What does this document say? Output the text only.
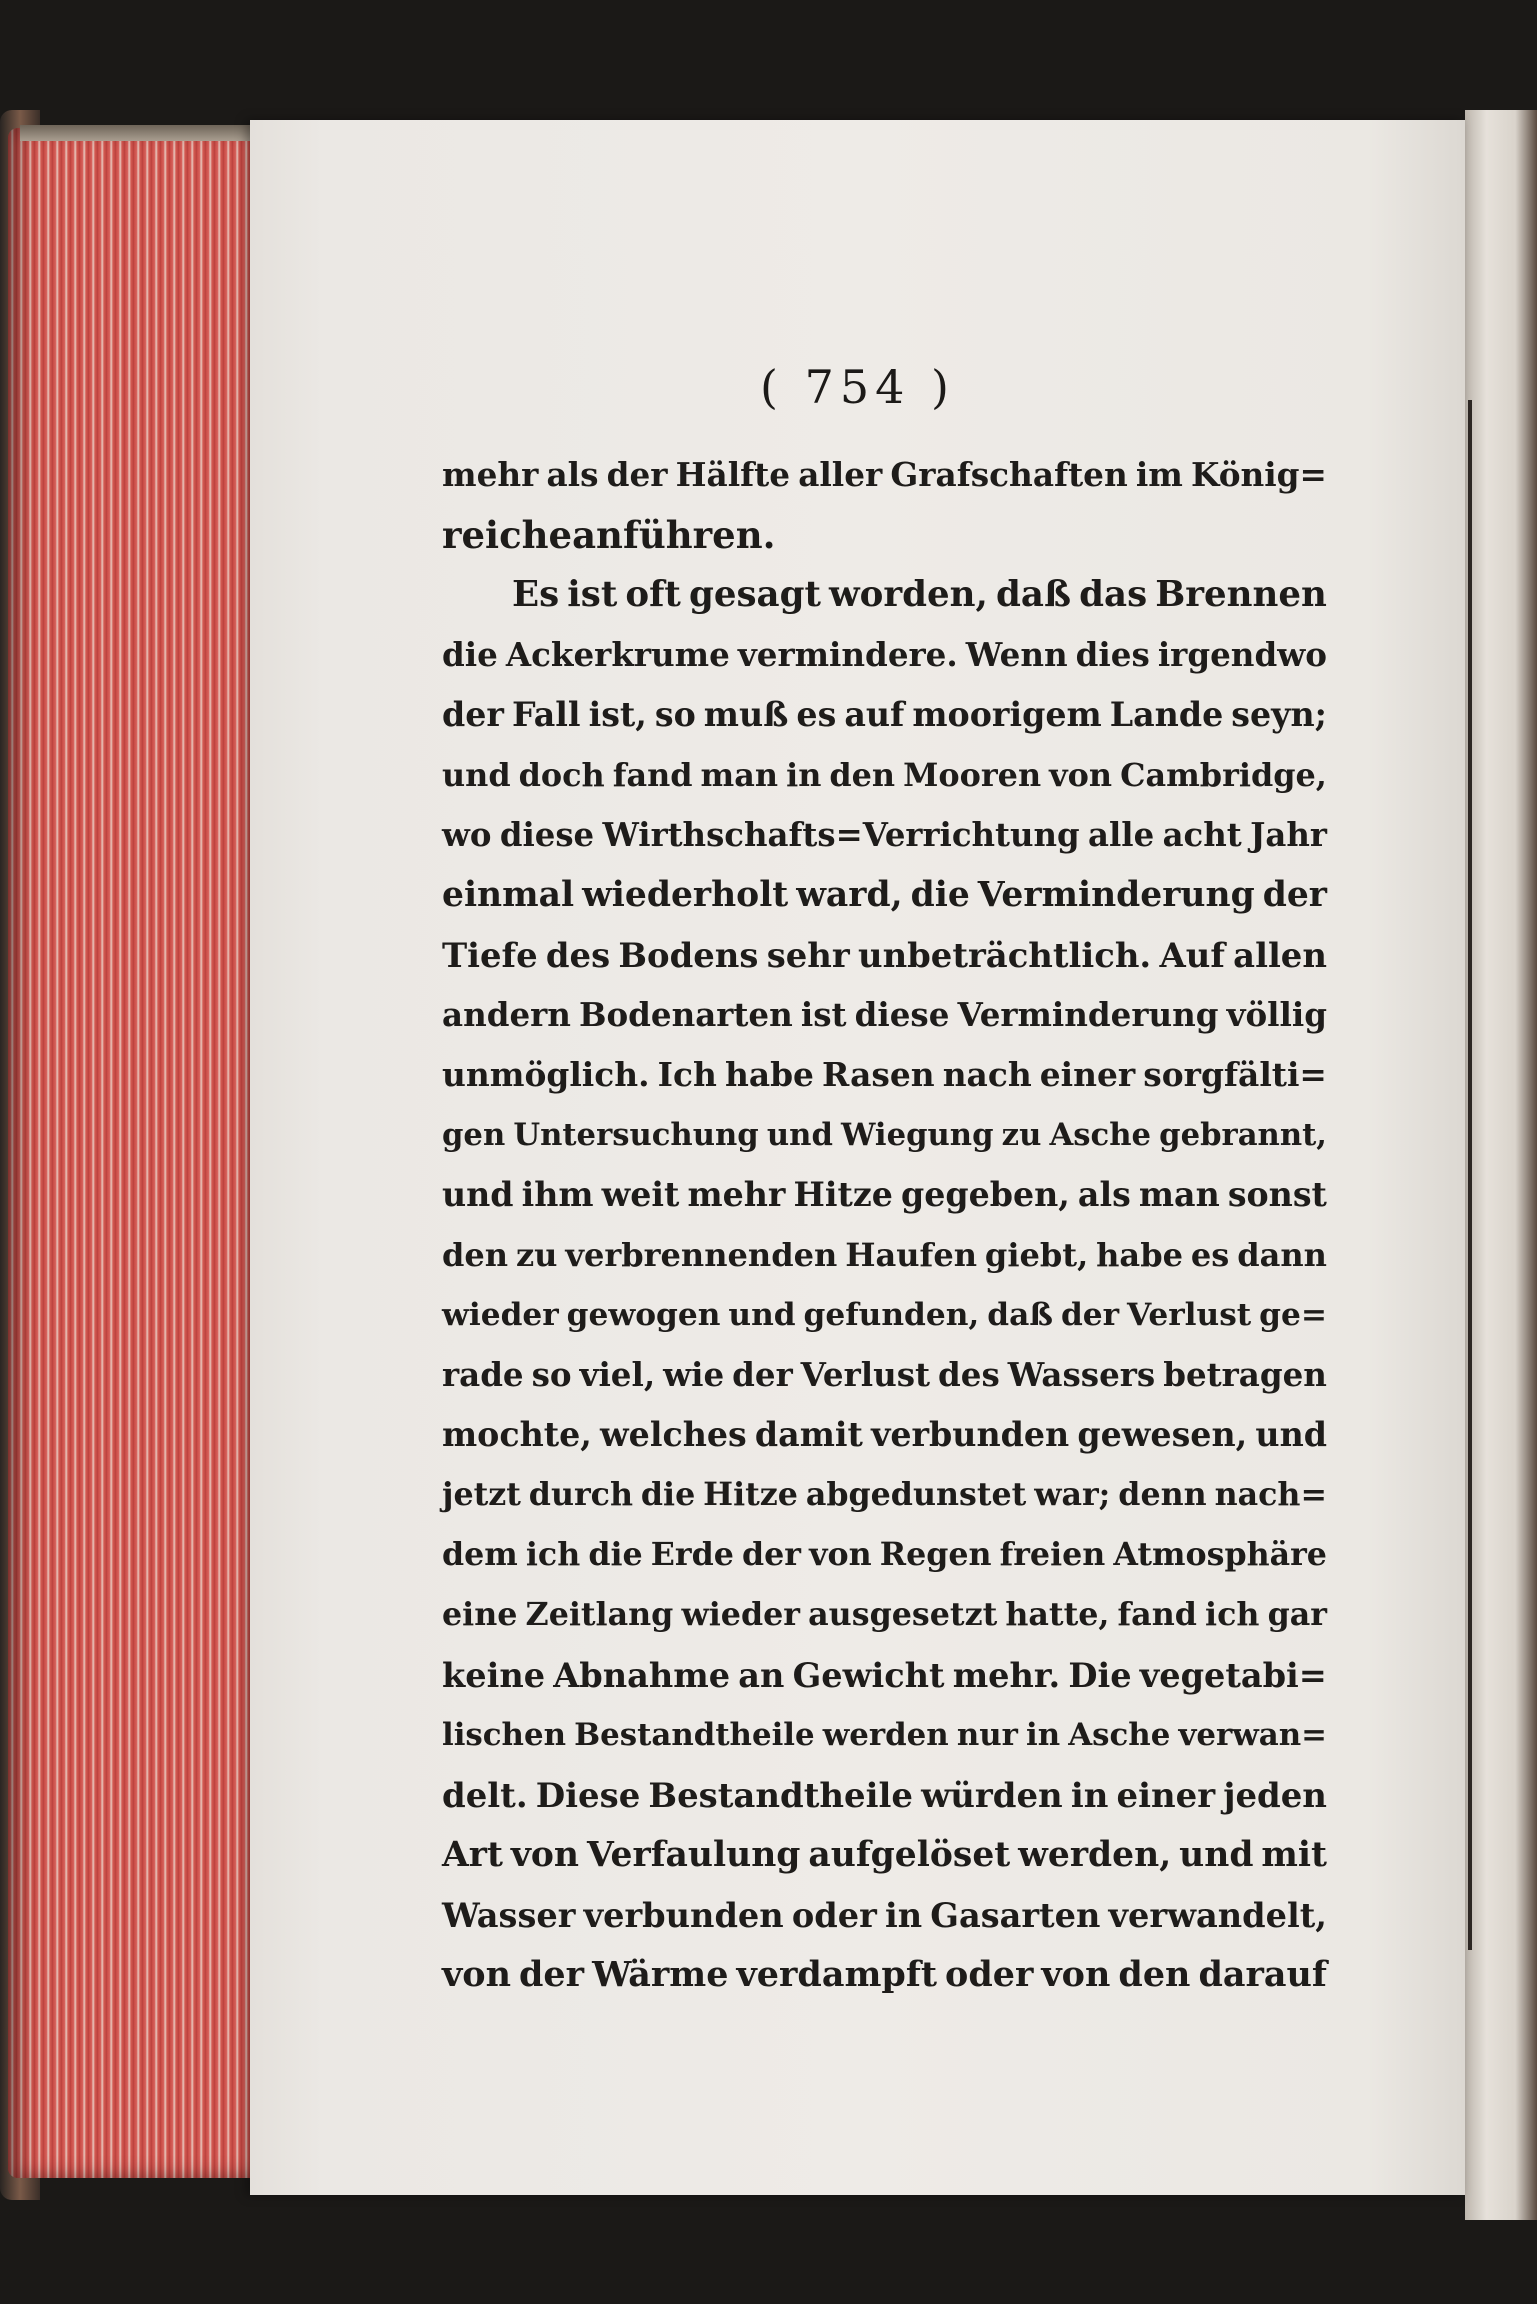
( 754 )
mehr als der Hälfte aller Grafschaften im König=
reiche anführen.
Es ist oft gesagt worden, daß das Brennen
die Ackerkrume vermindere. Wenn dies irgendwo
der Fall ist, so muß es auf moorigem Lande seyn;
und doch fand man in den Mooren von Cambridge,
wo diese Wirthschafts=Verrichtung alle acht Jahr
einmal wiederholt ward, die Verminderung der
Tiefe des Bodens sehr unbeträchtlich. Auf allen
andern Bodenarten ist diese Verminderung völlig
unmöglich. Ich habe Rasen nach einer sorgfälti=
gen Untersuchung und Wiegung zu Asche gebrannt,
und ihm weit mehr Hitze gegeben, als man sonst
den zu verbrennenden Haufen giebt, habe es dann
wieder gewogen und gefunden, daß der Verlust ge=
rade so viel, wie der Verlust des Wassers betragen
mochte, welches damit verbunden gewesen, und
jetzt durch die Hitze abgedunstet war; denn nach=
dem ich die Erde der von Regen freien Atmosphäre
eine Zeitlang wieder ausgesetzt hatte, fand ich gar
keine Abnahme an Gewicht mehr. Die vegetabi=
lischen Bestandtheile werden nur in Asche verwan=
delt. Diese Bestandtheile würden in einer jeden
Art von Verfaulung aufgelöset werden, und mit
Wasser verbunden oder in Gasarten verwandelt,
von der Wärme verdampft oder von den darauf
